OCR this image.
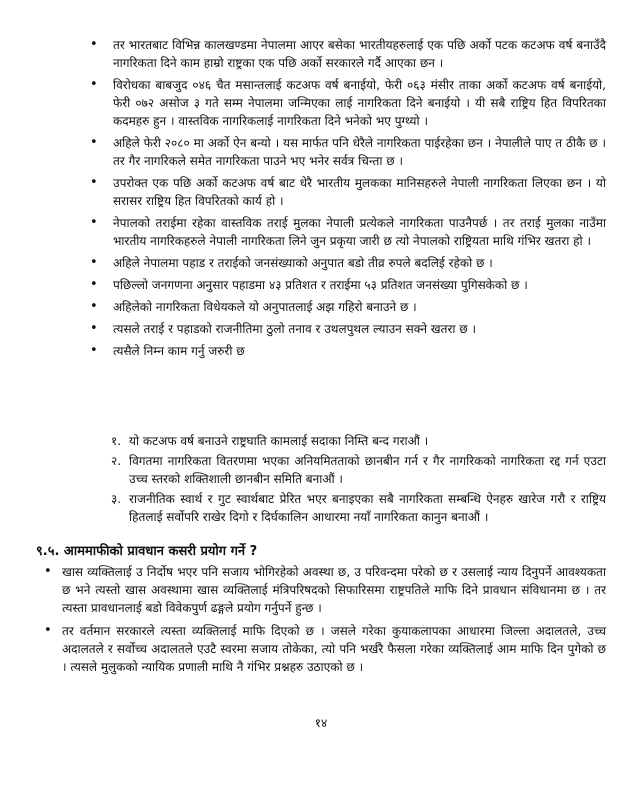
• तर भारतबाट विभिन्न कालखण्डमा नेपालमा आएर बसेका भारतीयहरुलाई एक पछि अर्को पटक कटअफ वर्ष बनाउँदै नागरिकता दिने काम हाम्रो राष्ट्रका एक पछि अर्को सरकारले गर्दै आएका छन ।
• विरोधका बाबजुद ०४६ चैत मसान्तलाई कटअफ वर्ष बनाईयो, फेरी ०६३ मंसीर ताका अर्को कटअफ वर्ष बनाईयो, फेरी ०७२ असोज ३ गते सम्म नेपालमा जन्मिएका लाई नागरिकता दिने बनाईयो । यी सबै राष्ट्रिय हित विपरितका कदमहरु हुन । वास्तविक नागरिकलाई नागरिकता दिने भनेको भए पुग्थ्यो ।
• अहिले फेरी २०८० मा अर्को ऐन बन्यो । यस मार्फत पनि धेरैले नागरिकता पाईरहेका छन । नेपालीले पाए त ठीकै छ । तर गैर नागरिकले समेत नागरिकता पाउने भए भनेर सर्वत्र चिन्ता छ ।
• उपरोक्त एक पछि अर्को कटअफ वर्ष बाट धेरै भारतीय मुलकका मानिसहरुले नेपाली नागरिकता लिएका छन । यो सरासर राष्ट्रिय हित विपरितको कार्य हो ।
• नेपालको तराईमा रहेका वास्तविक तराई मुलका नेपाली प्रत्येकले नागरिकता पाउनैपर्छ । तर तराई मुलका नाउँमा भारतीय नागरिकहरुले नेपाली नागरिकता लिने जुन प्रकृया जारी छ त्यो नेपालको राष्ट्रियता माथि गंभिर खतरा हो ।
• अहिले नेपालमा पहाड र तराईको जनसंख्याको अनुपात बडो तीव्र रुपले बदलिई रहेको छ ।
• पछिल्लो जनगणना अनुसार पहाडमा ४३ प्रतिशत र तराईमा ५३ प्रतिशत जनसंख्या पुगिसकेको छ ।
• अहिलेको नागरिकता विधेयकले यो अनुपातलाई अझ गहिरो बनाउने छ ।
• त्यसले तराई र पहाडको राजनीतिमा ठुलो तनाव र उथलपुथल ल्याउन सक्ने खतरा छ ।
• त्यसैले निम्न काम गर्नु जरुरी छ
१. यो कटअफ वर्ष बनाउने राष्ट्रघाति कामलाई सदाका निम्ति बन्द गराऔं ।
२. विगतमा नागरिकता वितरणमा भएका अनियमितताको छानबीन गर्न र गैर नागरिकको नागरिकता रद्द गर्न एउटा उच्च स्तरको शक्तिशाली छानबीन समिति बनाऔं ।
३. राजनीतिक स्वार्थ र गुट स्वार्थबाट प्रेरित भएर बनाइएका सबै नागरिकता सम्बन्धि ऐनहरु खारेज गरौ र राष्ट्रिय हितलाई सर्वोपरि राखेर दिगो र दिर्घकालिन आधारमा नयाँ नागरिकता कानुन बनाऔं ।
९.५. आममाफीको प्रावधान कसरी प्रयोग गर्ने ?
• खास व्यक्तिलाई उ निर्दोष भएर पनि सजाय भोगिरहेको अवस्था छ, उ परिवन्दमा परेको छ र उसलाई न्याय दिनुपर्ने आवश्यकता छ भने त्यस्तो खास अवस्थामा खास व्यक्तिलाई मंत्रिपरिषदको सिफारिसमा राष्ट्रपतिले माफि दिने प्रावधान संविधानमा छ । तर त्यस्ता प्रावधानलाई बडो विवेकपुर्ण ढङ्गले प्रयोग गर्नुपर्ने हुन्छ ।
• तर वर्तमान सरकारले त्यस्ता व्यक्तिलाई माफि दिएको छ । जसले गरेका कुयाकलापका आधारमा जिल्ला अदालतले, उच्च अदालतले र सर्वोच्च अदालतले एउटै स्वरमा सजाय तोकेका, त्यो पनि भर्खरै फैसला गरेका व्यक्तिलाई आम माफि दिन पुगेको छ । त्यसले मुलुकको न्यायिक प्रणाली माथि नै गंभिर प्रश्नहरु उठाएको छ ।
१४
